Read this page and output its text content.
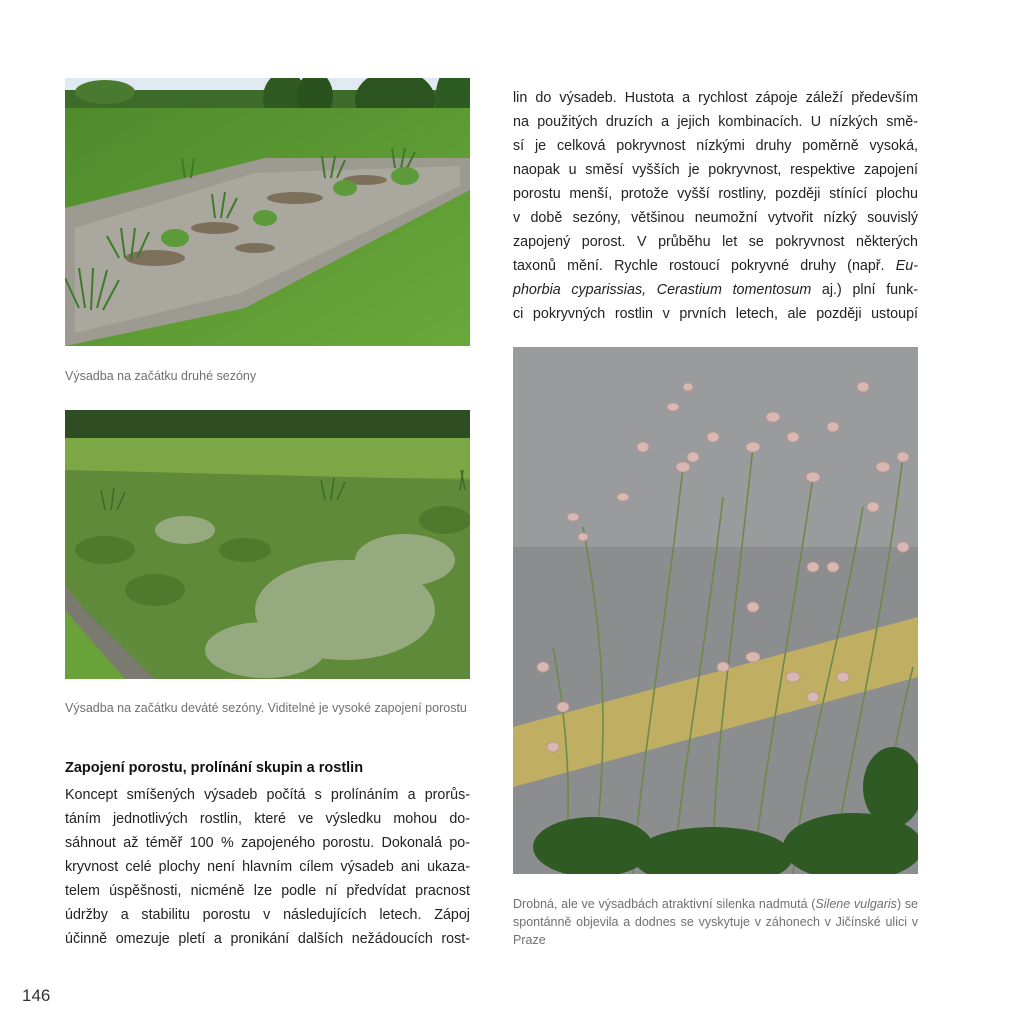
Výsadba na začátku druhé sezóny
Výsadba na začátku deváté sezóny. Viditelné je vysoké zapojení porostu
Zapojení porostu, prolínání skupin a rostlin
Koncept smíšených výsadeb počítá s prolínáním a prorůs-
táním jednotlivých rostlin, které ve výsledku mohou do-
sáhnout až téměř 100 % zapojeného porostu. Dokonalá po-
kryvnost celé plochy není hlavním cílem výsadeb ani ukaza-
telem úspěšnosti, nicméně lze podle ní předvídat pracnost
údržby a stabilitu porostu v následujících letech. Zápoj
účinně omezuje pletí a pronikání dalších nežádoucích rost-
lin do výsadeb. Hustota a rychlost zápoje záleží především
na použitých druzích a jejich kombinacích. U nízkých smě-
sí je celková pokryvnost nízkými druhy poměrně vysoká,
naopak u směsí vyšších je pokryvnost, respektive zapojení
porostu menší, protože vyšší rostliny, později stínící plochu
v době sezóny, většinou neumožní vytvořit nízký souvislý
zapojený porost. V průběhu let se pokryvnost některých
taxonů mění. Rychle rostoucí pokryvné druhy (např. Eu-
phorbia cyparissias, Cerastium tomentosum aj.) plní funk-
ci pokryvných rostlin v prvních letech, ale později ustoupí
Drobná, ale ve výsadbách atraktivní silenka nadmutá (Silene vulgaris) se spontánně objevila a dodnes se vyskytuje v záhonech v Jičínské ulici v Praze
146
